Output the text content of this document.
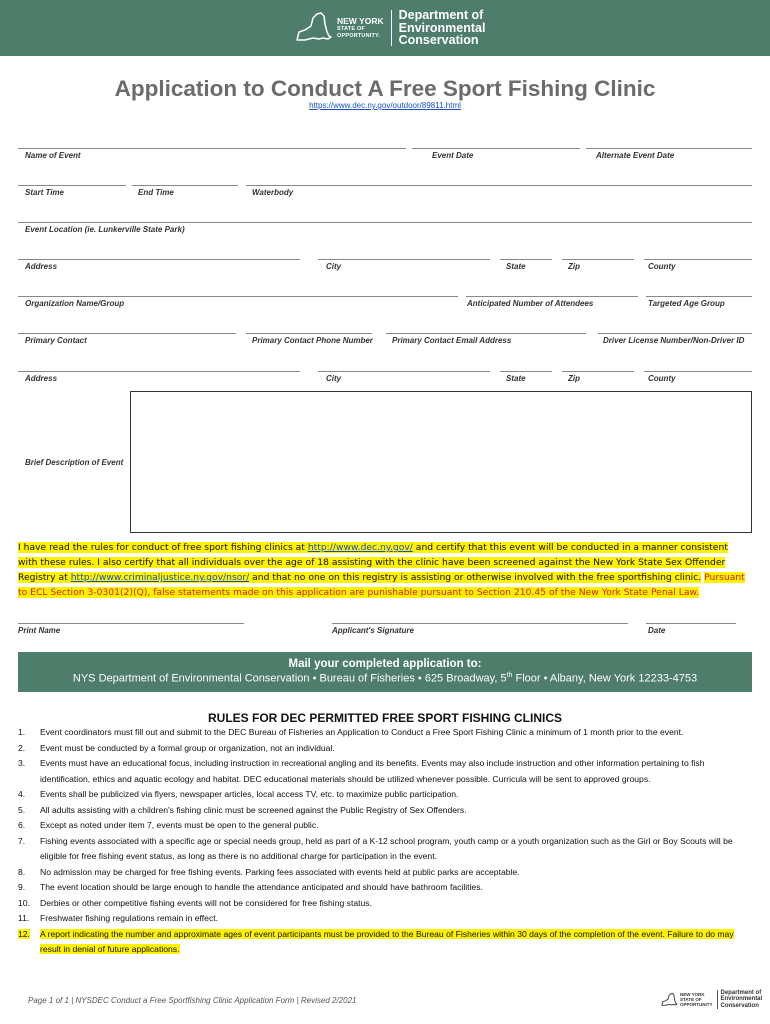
NEW YORK
STATE OF
OPPORTUNITY.
Department of
Environmental
Conservation
Application to Conduct A Free Sport Fishing Clinic
https://www.dec.ny.gov/outdoor/89811.html
Name of Event	Event Date	Alternate Event Date
Start Time	End Time	Waterbody
Event Location (ie. Lunkerville State Park)
Address	City	State	Zip	County
Organization Name/Group	Anticipated Number of Attendees	Targeted Age Group
Primary Contact	Primary Contact Phone Number Primary Contact Email Address	Driver License Number/Non-Driver ID
Address	City	State	Zip	County
Brief Description of Event
I have read the rules for conduct of free sport fishing clinics at http://www.dec.ny.gov/ and certify that this event will be conducted in a manner consistent with these rules. I also certify that all individuals over the age of 18 assisting with the clinic have been screened against the New York State Sex Offender Registry at http://www.criminaljustice.ny.gov/nsor/ and that no one on this registry is assisting or otherwise involved with the free sportfishing clinic. Pursuant to ECL Section 3-0301(2)(Q), false statements made on this application are punishable pursuant to Section 210.45 of the New York State Penal Law.
Print Name	Applicant's Signature	Date
Mail your completed application to:
NYS Department of Environmental Conservation • Bureau of Fisheries • 625 Broadway, 5th Floor • Albany, New York 12233-4753
RULES FOR DEC PERMITTED FREE SPORT FISHING CLINICS
1.	Event coordinators must fill out and submit to the DEC Bureau of Fisheries an Application to Conduct a Free Sport Fishing Clinic a minimum of 1 month prior to the event.
2.	Event must be conducted by a formal group or organization, not an individual.
3.	Events must have an educational focus, including instruction in recreational angling and its benefits. Events may also include instruction and other information pertaining to fish identification, ethics and aquatic ecology and habitat. DEC educational materials should be utilized whenever possible. Curricula will be sent to approved groups.
4.	Events shall be publicized via flyers, newspaper articles, local access TV, etc. to maximize public participation.
5.	All adults assisting with a children's fishing clinic must be screened against the Public Registry of Sex Offenders.
6.	Except as noted under item 7, events must be open to the general public.
7.	Fishing events associated with a specific age or special needs group, held as part of a K-12 school program, youth camp or a youth organization such as the Girl or Boy Scouts will be eligible for free fishing event status, as long as there is no additional charge for participation in the event.
8.	No admission may be charged for free fishing events. Parking fees associated with events held at public parks are acceptable.
9.	The event location should be large enough to handle the attendance anticipated and should have bathroom facilities.
10.	Derbies or other competitive fishing events will not be considered for free fishing status.
11.	Freshwater fishing regulations remain in effect.
12.	A report indicating the number and approximate ages of event participants must be provided to the Bureau of Fisheries within 30 days of the completion of the event. Failure to do may result in denial of future applications.
Page 1 of 1 | NYSDEC Conduct a Free Sportfishing Clinic Application Form | Revised 2/2021
NEW YORK
STATE OF
OPPORTUNITY
Department of
Environmental
Conservation
